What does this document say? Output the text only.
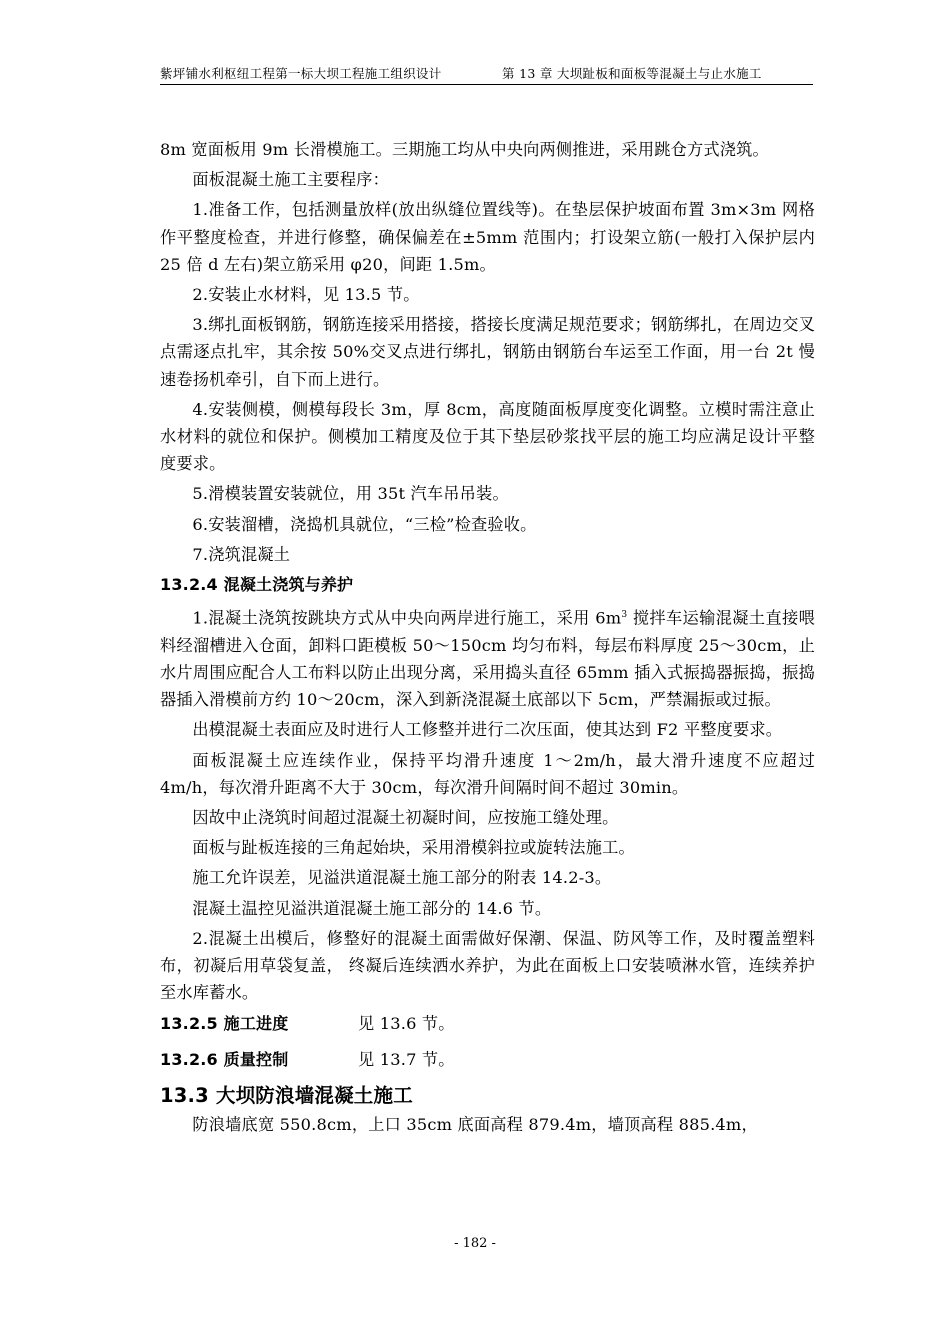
紫坪铺水利枢纽工程第一标大坝工程施工组织设计	第 13 章 大坝趾板和面板等混凝土与止水施工

8m 宽面板用 9m 长滑模施工。三期施工均从中央向两侧推进，采用跳仓方式浇筑。

面板混凝土施工主要程序：

1.准备工作，包括测量放样(放出纵缝位置线等)。在垫层保护坡面布置 3m×3m 网格作平整度检查，并进行修整，确保偏差在±5mm 范围内；打设架立筋(一般打入保护层内 25 倍 d 左右)架立筋采用 φ20，间距 1.5m。

2.安装止水材料，见 13.5 节。

3.绑扎面板钢筋，钢筋连接采用搭接，搭接长度满足规范要求；钢筋绑扎，在周边交叉点需逐点扎牢，其余按 50%交叉点进行绑扎，钢筋由钢筋台车运至工作面，用一台 2t 慢速卷扬机牵引，自下而上进行。

4.安装侧模，侧模每段长 3m，厚 8cm，高度随面板厚度变化调整。立模时需注意止水材料的就位和保护。侧模加工精度及位于其下垫层砂浆找平层的施工均应满足设计平整度要求。

5.滑模装置安装就位，用 35t 汽车吊吊装。

6.安装溜槽，浇捣机具就位，“三检”检查验收。

7.浇筑混凝土

13.2.4 混凝土浇筑与养护

1.混凝土浇筑按跳块方式从中央向两岸进行施工，采用 $6m^3$ 搅拌车运输混凝土直接喂料经溜槽进入仓面，卸料口距模板 50～150cm 均匀布料，每层布料厚度 25～30cm，止水片周围应配合人工布料以防止出现分离，采用捣头直径 65mm 插入式振捣器振捣，振捣器插入滑模前方约 10～20cm，深入到新浇混凝土底部以下 5cm，严禁漏振或过振。

出模混凝土表面应及时进行人工修整并进行二次压面，使其达到 F2 平整度要求。

面板混凝土应连续作业，保持平均滑升速度 1～2m/h，最大滑升速度不应超过 4m/h，每次滑升距离不大于 30cm，每次滑升间隔时间不超过 30min。

因故中止浇筑时间超过混凝土初凝时间，应按施工缝处理。

面板与趾板连接的三角起始块，采用滑模斜拉或旋转法施工。

施工允许误差，见溢洪道混凝土施工部分的附表 14.2-3。

混凝土温控见溢洪道混凝土施工部分的 14.6 节。

2.混凝土出模后，修整好的混凝土面需做好保潮、保温、防风等工作，及时覆盖塑料布，初凝后用草袋复盖， 终凝后连续洒水养护，为此在面板上口安装喷淋水管，连续养护至水库蓄水。

13.2.5 施工进度	见 13.6 节。
13.2.6 质量控制	见 13.7 节。

13.3 大坝防浪墙混凝土施工

防浪墙底宽 550.8cm，上口 35cm 底面高程 879.4m，墙顶高程 885.4m，

- 182 -
